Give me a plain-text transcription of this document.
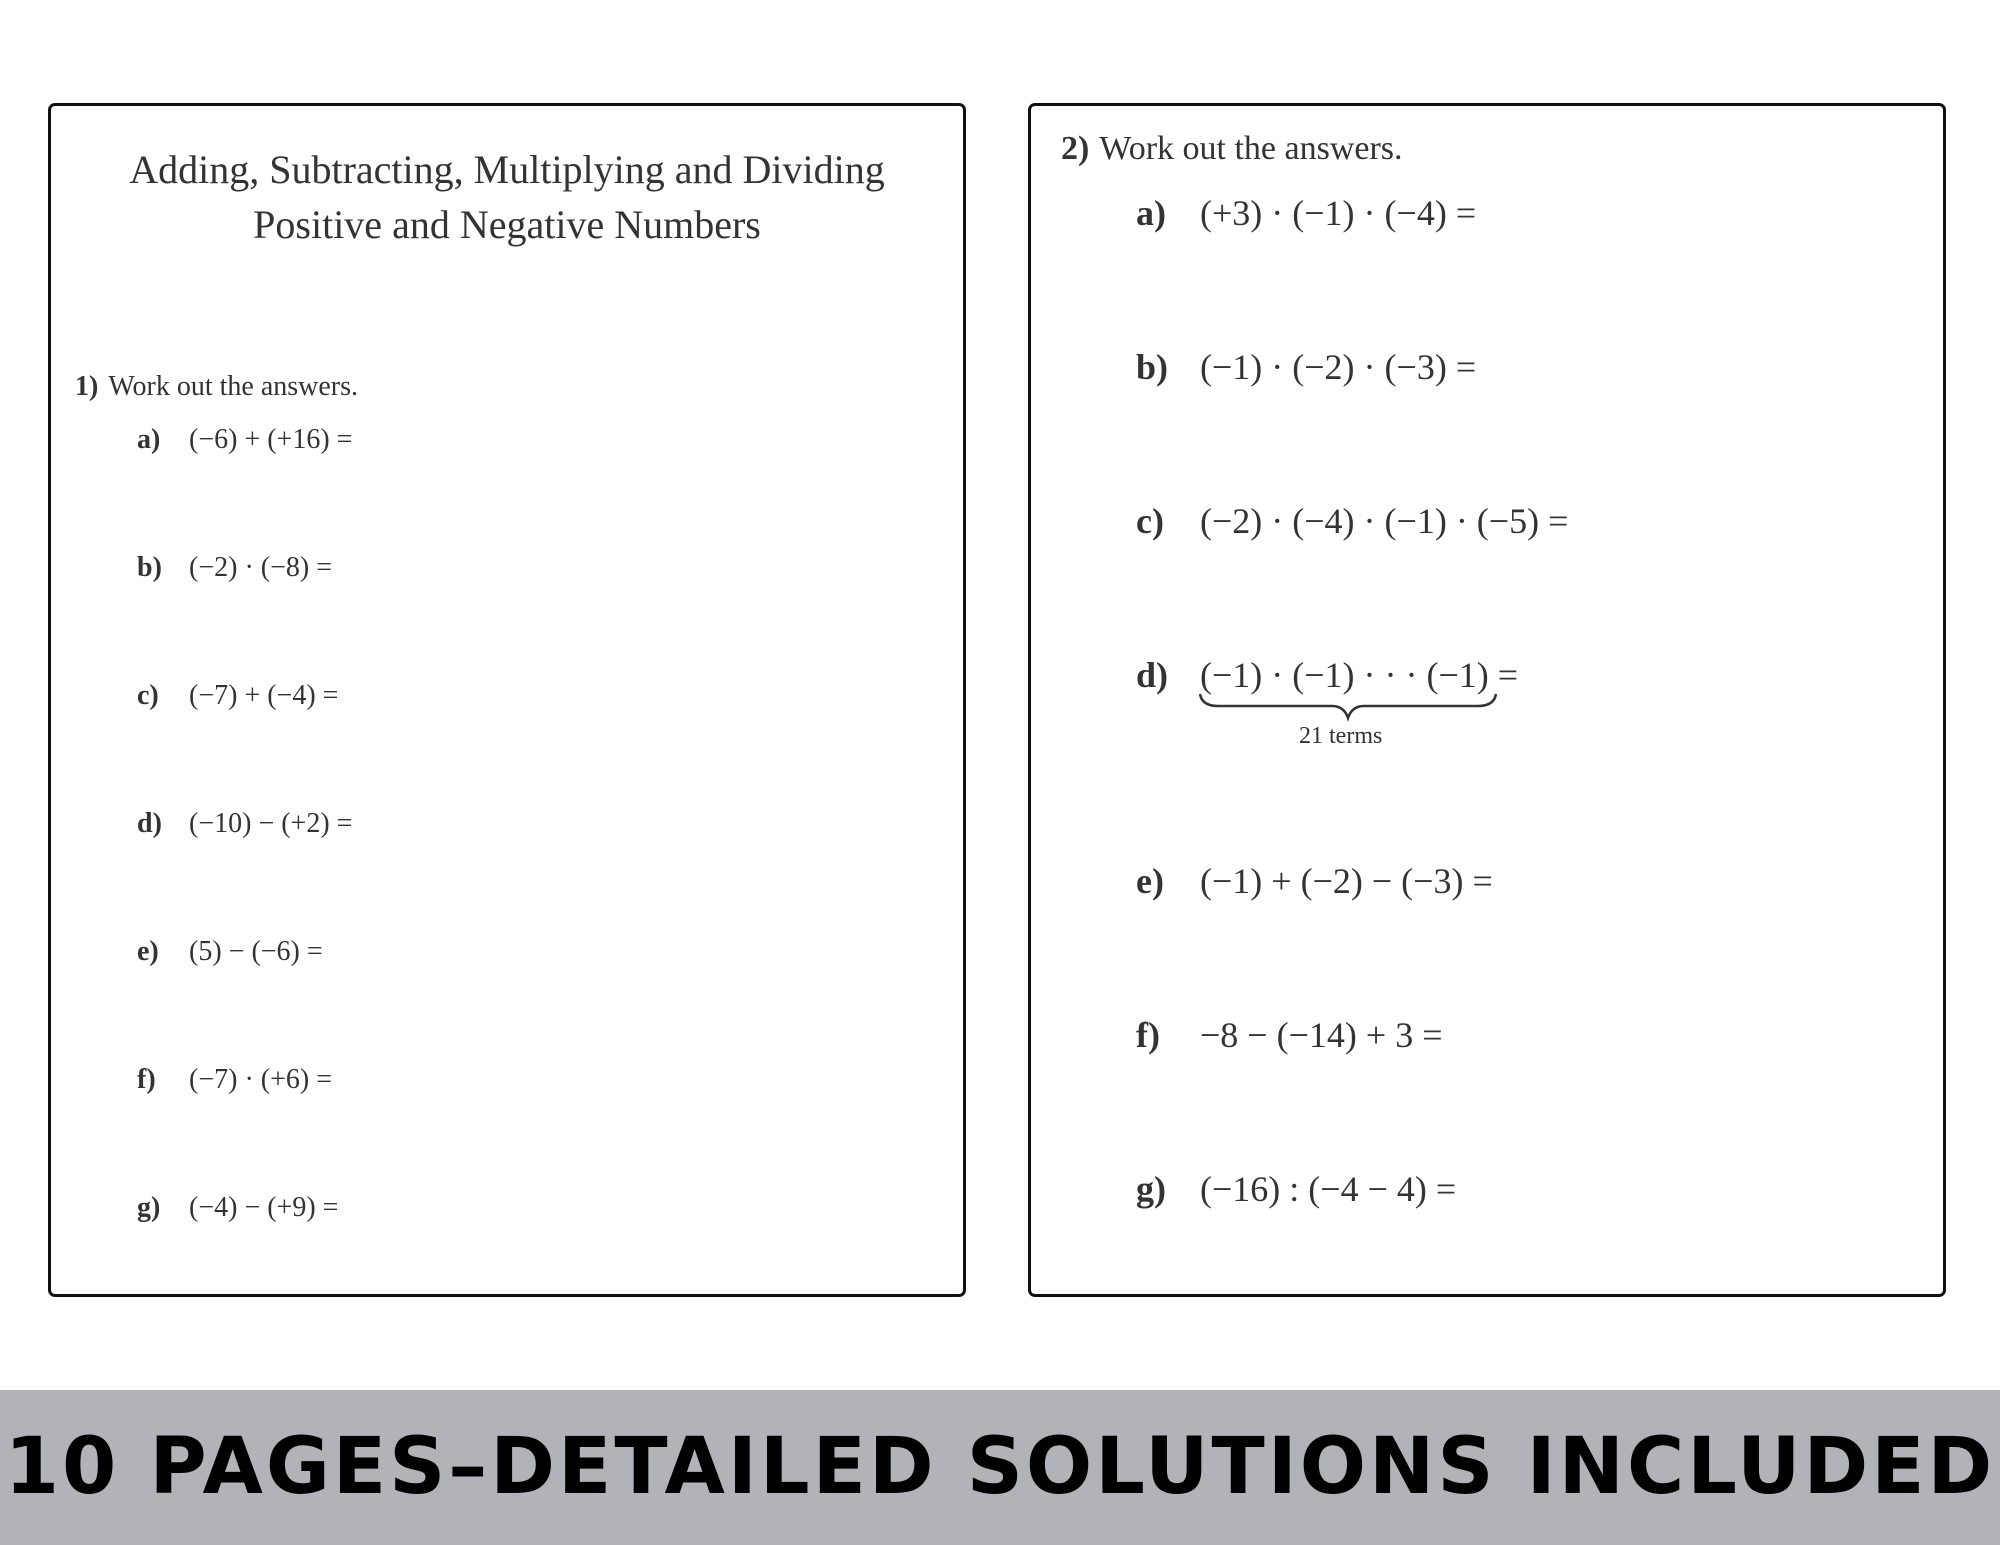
Adding, Subtracting, Multiplying and Dividing
Positive and Negative Numbers
1) Work out the answers.
a) (−6) + (+16) =
b) (−2) · (−8) =
c) (−7) + (−4) =
d) (−10) − (+2) =
e) (5) − (−6) =
f) (−7) · (+6) =
g) (−4) − (+9) =
2) Work out the answers.
a) (+3) · (−1) · (−4) =
b) (−1) · (−2) · (−3) =
c) (−2) · (−4) · (−1) · (−5) =
d) (−1) · (−1) · · · (−1)
=
21 terms
e) (−1) + (−2) − (−3) =
f) −8 − (−14) + 3 =
g) (−16) : (−4 − 4) =
10 PAGES–DETAILED SOLUTIONS INCLUDED
